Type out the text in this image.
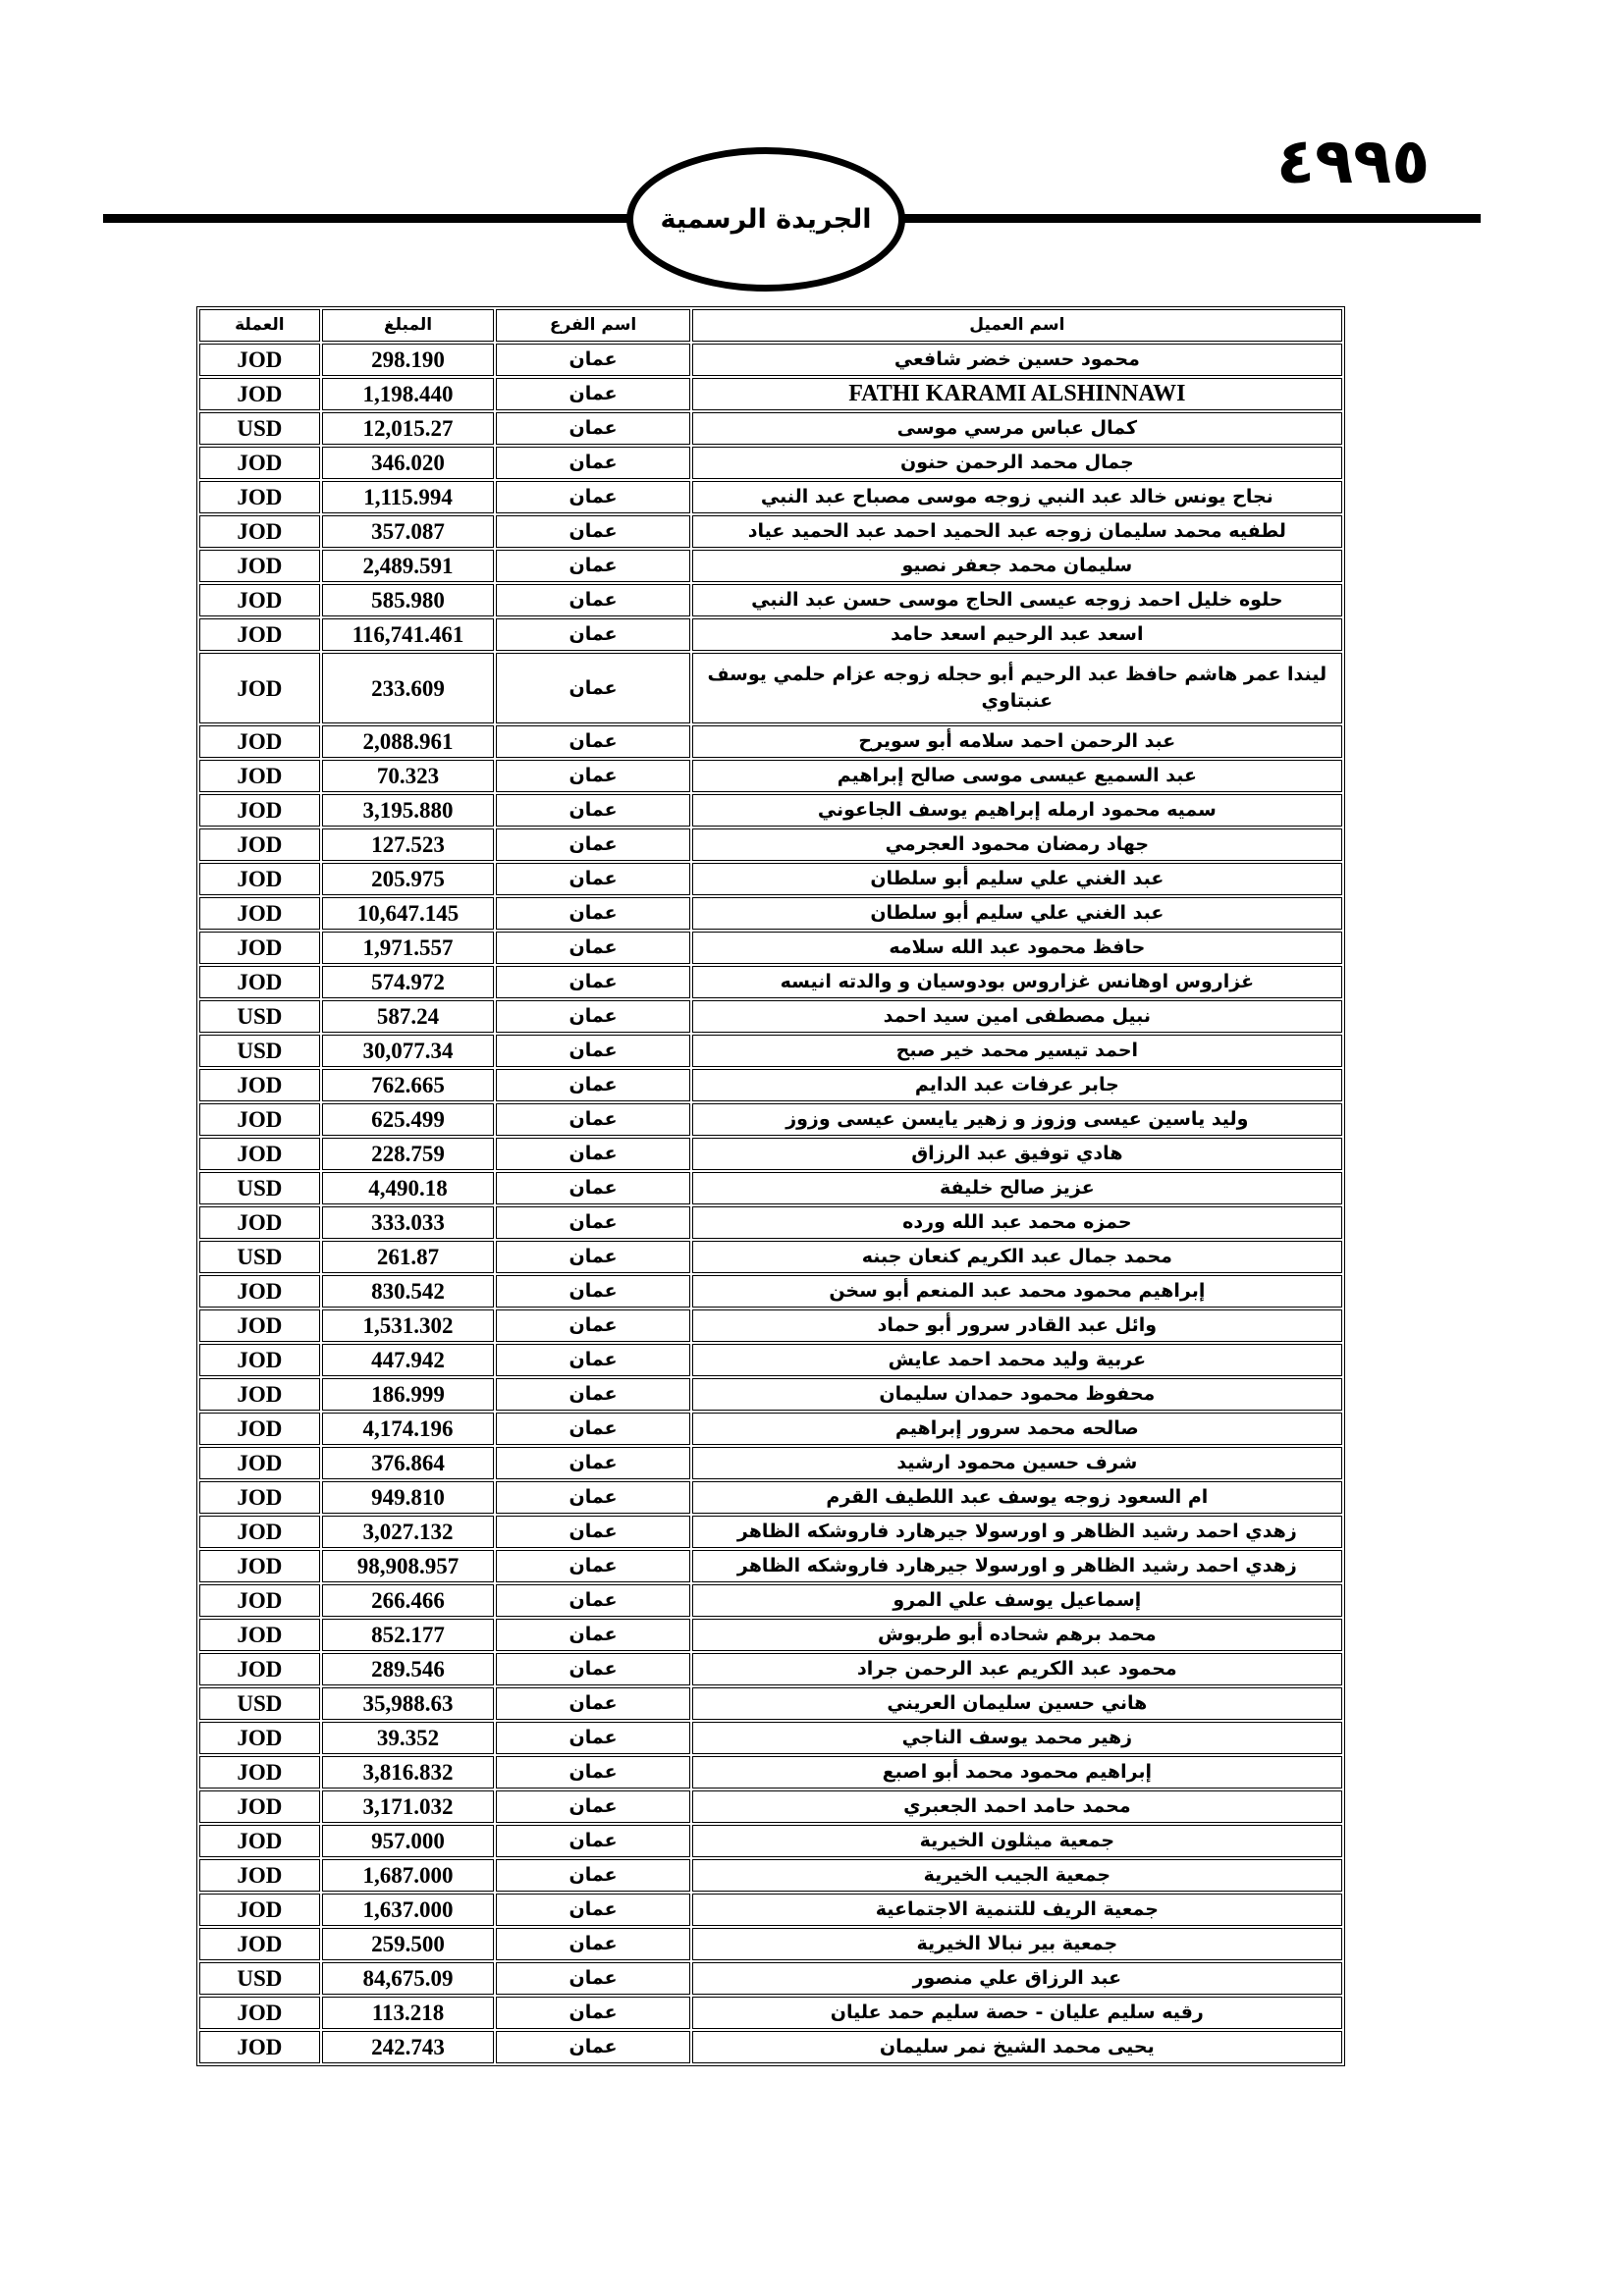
٤٩٩٥
الجريدة الرسمية
اسم العميل	اسم الفرع	المبلغ	العملة
محمود حسين خضر شافعي	عمان	298.190	JOD
FATHI KARAMI ALSHINNAWI	عمان	1,198.440	JOD
كمال عباس مرسي موسى	عمان	12,015.27	USD
جمال محمد الرحمن حنون	عمان	346.020	JOD
نجاح يونس خالد عبد النبي زوجه موسى مصباح عبد النبي	عمان	1,115.994	JOD
لطفيه محمد سليمان زوجه عبد الحميد احمد عبد الحميد عياد	عمان	357.087	JOD
سليمان محمد جعفر نصيو	عمان	2,489.591	JOD
حلوه خليل احمد زوجه عيسى الحاج موسى حسن عبد النبي	عمان	585.980	JOD
اسعد عبد الرحيم اسعد حامد	عمان	116,741.461	JOD
ليندا عمر هاشم حافظ عبد الرحيم أبو حجله زوجه عزام حلمي يوسف عنبتاوي	عمان	233.609	JOD
عبد الرحمن احمد سلامه أبو سويرح	عمان	2,088.961	JOD
عبد السميع عيسى موسى صالح إبراهيم	عمان	70.323	JOD
سميه محمود ارمله إبراهيم يوسف الجاعوني	عمان	3,195.880	JOD
جهاد رمضان محمود العجرمي	عمان	127.523	JOD
عبد الغني علي سليم أبو سلطان	عمان	205.975	JOD
عبد الغني علي سليم أبو سلطان	عمان	10,647.145	JOD
حافظ محمود عبد الله سلامه	عمان	1,971.557	JOD
غزاروس اوهانس غزاروس بودوسيان و والدته انيسه	عمان	574.972	JOD
نبيل مصطفى امين سيد احمد	عمان	587.24	USD
احمد تيسير محمد خير صبح	عمان	30,077.34	USD
جابر عرفات عبد الدايم	عمان	762.665	JOD
وليد ياسين عيسى وزوز و زهير يايسن عيسى وزوز	عمان	625.499	JOD
هادي توفيق عبد الرزاق	عمان	228.759	JOD
عزيز صالح خليفة	عمان	4,490.18	USD
حمزه محمد عبد الله ورده	عمان	333.033	JOD
محمد جمال عبد الكريم كنعان جبنه	عمان	261.87	USD
إبراهيم محمود محمد عبد المنعم أبو سخن	عمان	830.542	JOD
وائل عبد القادر سرور أبو حماد	عمان	1,531.302	JOD
عربية وليد محمد احمد عايش	عمان	447.942	JOD
محفوظ محمود حمدان سليمان	عمان	186.999	JOD
صالحه محمد سرور إبراهيم	عمان	4,174.196	JOD
شرف حسين محمود ارشيد	عمان	376.864	JOD
ام السعود زوجه يوسف عبد اللطيف القرم	عمان	949.810	JOD
زهدي احمد رشيد الظاهر و اورسولا جيرهارد فاروشكه الظاهر	عمان	3,027.132	JOD
زهدي احمد رشيد الظاهر و اورسولا جيرهارد فاروشكه الظاهر	عمان	98,908.957	JOD
إسماعيل يوسف علي المرو	عمان	266.466	JOD
محمد برهم شحاده أبو طربوش	عمان	852.177	JOD
محمود عبد الكريم عبد الرحمن جراد	عمان	289.546	JOD
هاني حسين سليمان العريني	عمان	35,988.63	USD
زهير محمد يوسف الناجي	عمان	39.352	JOD
إبراهيم محمود محمد أبو اصبع	عمان	3,816.832	JOD
محمد حامد احمد الجعبري	عمان	3,171.032	JOD
جمعية ميثلون الخيرية	عمان	957.000	JOD
جمعية الجيب الخيرية	عمان	1,687.000	JOD
جمعية الريف للتنمية الاجتماعية	عمان	1,637.000	JOD
جمعية بير نبالا الخيرية	عمان	259.500	JOD
عبد الرزاق علي منصور	عمان	84,675.09	USD
رقيه سليم عليان - حصة سليم حمد عليان	عمان	113.218	JOD
يحيى محمد الشيخ نمر سليمان	عمان	242.743	JOD
